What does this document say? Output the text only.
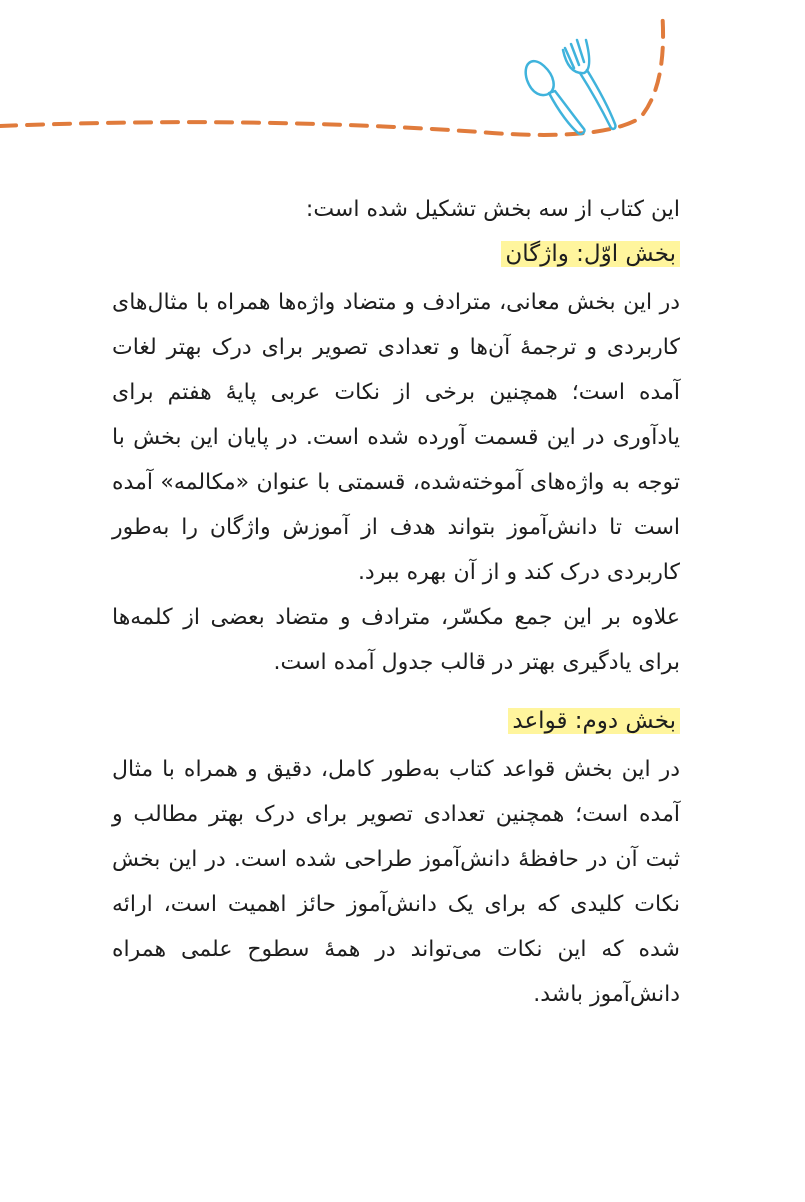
این کتاب از سه بخش تشکیل شده است:

بخش اوّل: واژگان

در این بخش معانی، مترادف و متضاد واژه‌ها همراه با مثال‌های کاربردی و ترجمهٔ آن‌ها و تعدادی تصویر برای درک بهتر لغات آمده است؛ همچنین برخی از نکات عربی پایهٔ هفتم برای یادآوری در این قسمت آورده شده است. در پایان این بخش با توجه به واژه‌های آموخته‌شده، قسمتی با عنوان «مکالمه» آمده است تا دانش‌آموز بتواند هدف از آموزش واژگان را به‌طور کاربردی درک کند و از آن بهره ببرد.

علاوه بر این جمع مکسّر، مترادف و متضاد بعضی از کلمه‌ها برای یادگیری بهتر در قالب جدول آمده است.

بخش دوم: قواعد

در این بخش قواعد کتاب به‌طور کامل، دقیق و همراه با مثال آمده است؛ همچنین تعدادی تصویر برای درک بهتر مطالب و ثبت آن در حافظهٔ دانش‌آموز طراحی شده است. در این بخش نکات کلیدی که برای یک دانش‌آموز حائز اهمیت است، ارائه شده که این نکات می‌تواند در همهٔ سطوح علمی همراه دانش‌آموز باشد.
